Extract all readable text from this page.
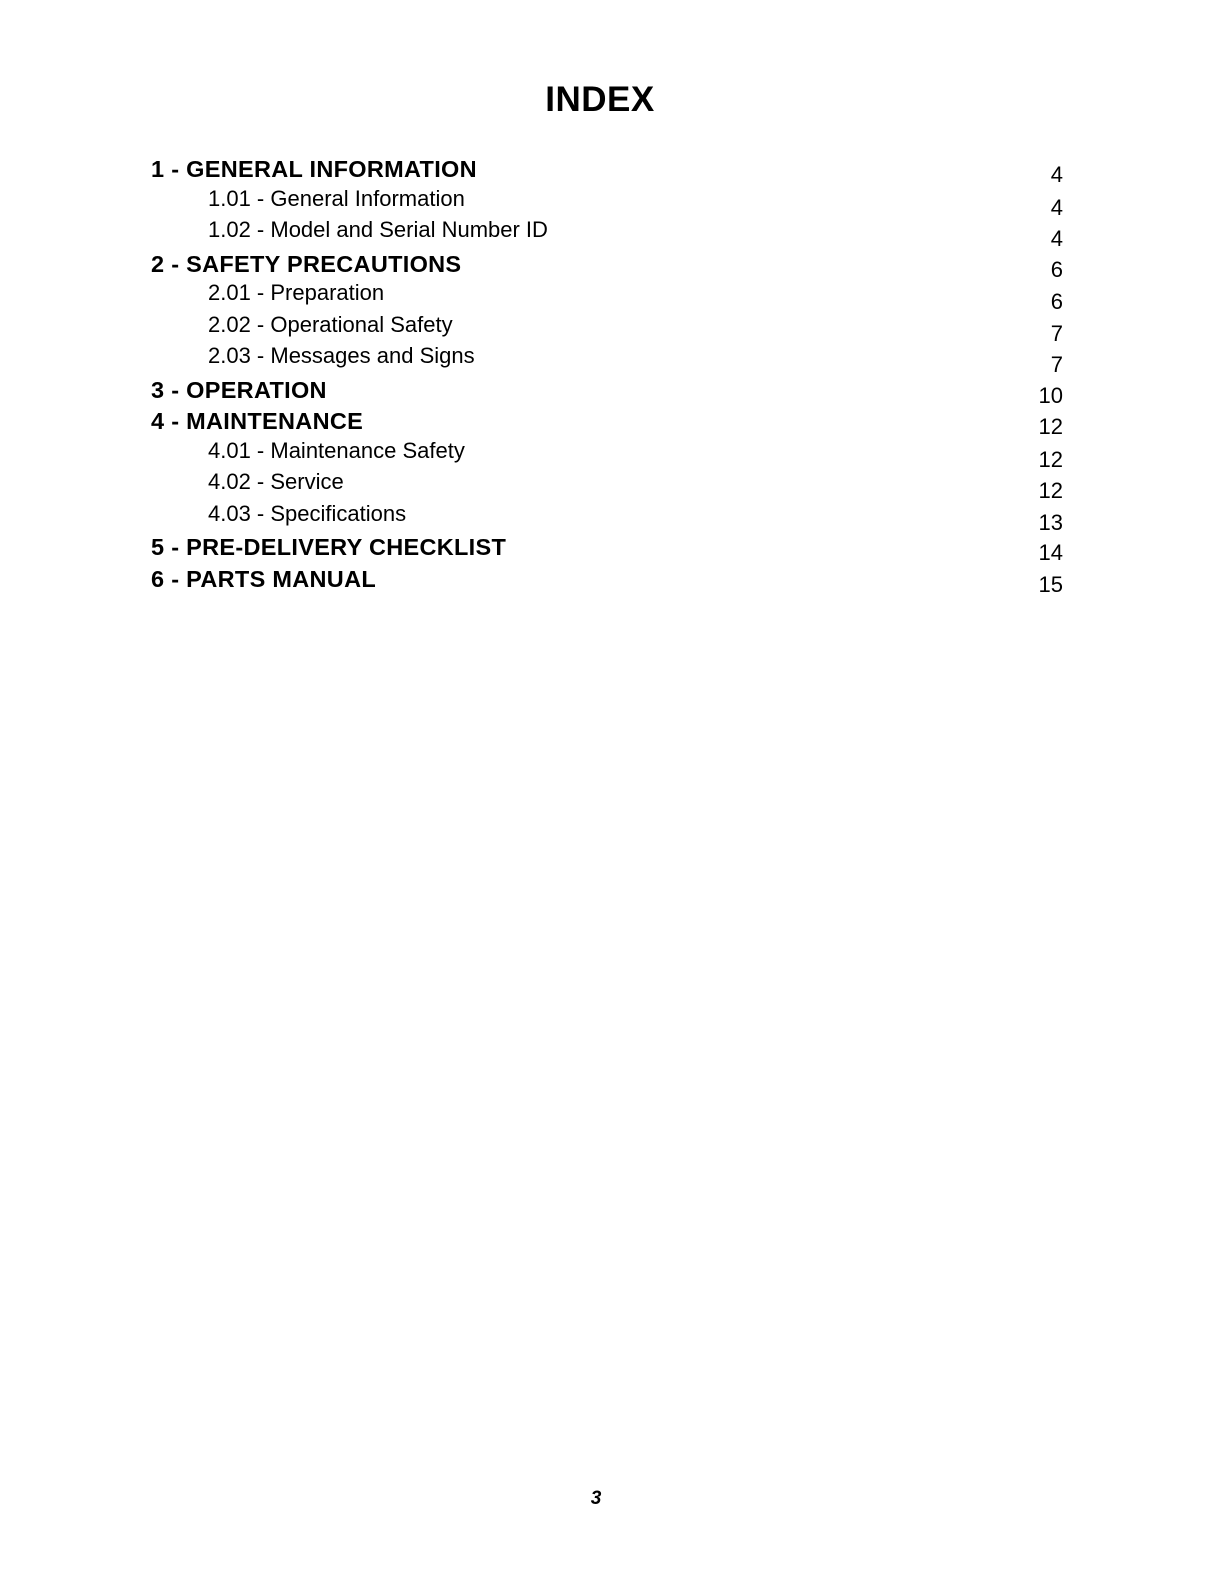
INDEX
1 - GENERAL INFORMATION	4
1.01 - General Information	4
1.02 - Model and Serial Number ID	4
2 - SAFETY PRECAUTIONS	6
2.01 - Preparation	6
2.02 - Operational Safety	7
2.03 - Messages and Signs	7
3 - OPERATION	10
4 - MAINTENANCE	12
4.01 - Maintenance Safety	12
4.02 - Service	12
4.03 - Specifications	13
5 - PRE-DELIVERY CHECKLIST	14
6 - PARTS MANUAL	15
3
